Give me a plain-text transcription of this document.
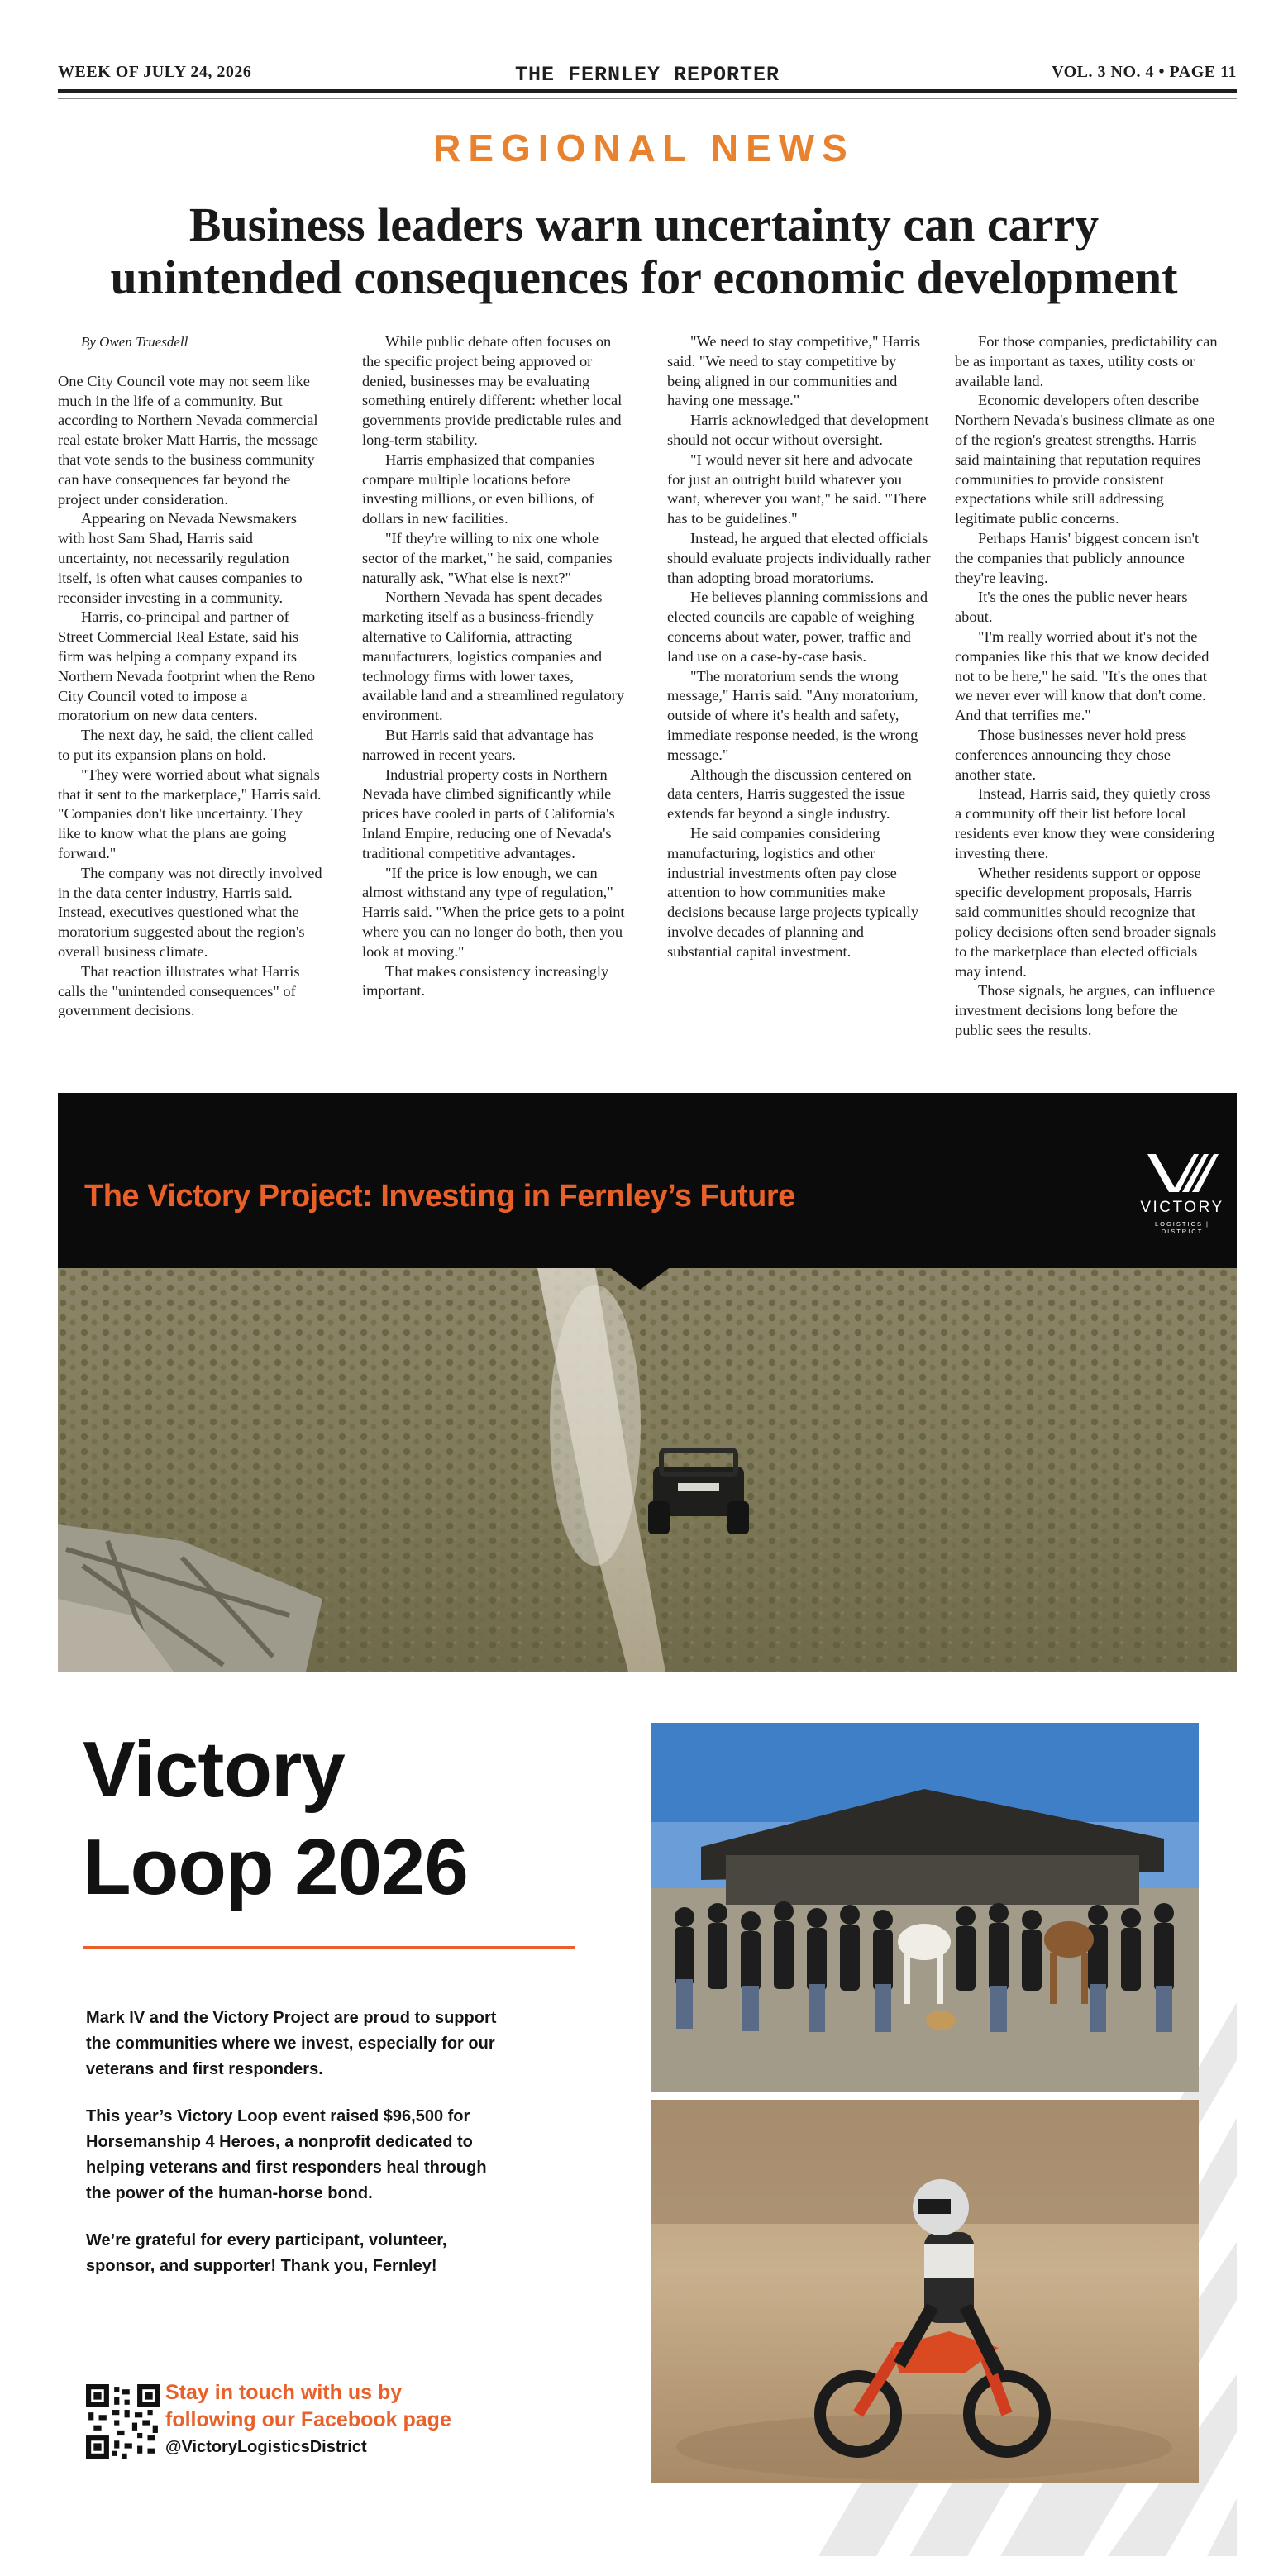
WEEK OF JULY 24, 2026	THE FERNLEY REPORTER	VOL. 3 NO. 4 • PAGE 11
REGIONAL NEWS
Business leaders warn uncertainty can carry
unintended consequences for economic development

By Owen Truesdell

One City Council vote may not seem like much in the life of a community. But according to Northern Nevada commercial real estate broker Matt Harris, the message that vote sends to the business community can have consequences far beyond the project under consideration.

Appearing on Nevada Newsmakers with host Sam Shad, Harris said uncertainty, not necessarily regulation itself, is often what causes companies to reconsider investing in a community.

Harris, co-principal and partner of Street Commercial Real Estate, said his firm was helping a company expand its Northern Nevada footprint when the Reno City Council voted to impose a moratorium on new data centers.

The next day, he said, the client called to put its expansion plans on hold.

"They were worried about what signals that it sent to the marketplace," Harris said. "Companies don't like uncertainty. They like to know what the plans are going forward."

The company was not directly involved in the data center industry, Harris said. Instead, executives questioned what the moratorium suggested about the region's overall business climate.

That reaction illustrates what Harris calls the "unintended consequences" of government decisions.

While public debate often focuses on the specific project being approved or denied, businesses may be evaluating something entirely different: whether local governments provide predictable rules and long-term stability.

Harris emphasized that companies compare multiple locations before investing millions, or even billions, of dollars in new facilities.

"If they're willing to nix one whole sector of the market," he said, companies naturally ask, "What else is next?"

Northern Nevada has spent decades marketing itself as a business-friendly alternative to California, attracting manufacturers, logistics companies and technology firms with lower taxes, available land and a streamlined regulatory environment.

But Harris said that advantage has narrowed in recent years.

Industrial property costs in Northern Nevada have climbed significantly while prices have cooled in parts of California's Inland Empire, reducing one of Nevada's traditional competitive advantages.

"If the price is low enough, we can almost withstand any type of regulation," Harris said. "When the price gets to a point where you can no longer do both, then you look at moving."

That makes consistency increasingly important.

"We need to stay competitive," Harris said. "We need to stay competitive by being aligned in our communities and having one message."

Harris acknowledged that development should not occur without oversight.

"I would never sit here and advocate for just an outright build whatever you want, wherever you want," he said. "There has to be guidelines."

Instead, he argued that elected officials should evaluate projects individually rather than adopting broad moratoriums.

He believes planning commissions and elected councils are capable of weighing concerns about water, power, traffic and land use on a case-by-case basis.

"The moratorium sends the wrong message," Harris said. "Any moratorium, outside of where it's health and safety, immediate response needed, is the wrong message."

Although the discussion centered on data centers, Harris suggested the issue extends far beyond a single industry.

He said companies considering manufacturing, logistics and other industrial investments often pay close attention to how communities make decisions because large projects typically involve decades of planning and substantial capital investment.

For those companies, predictability can be as important as taxes, utility costs or available land.

Economic developers often describe Northern Nevada's business climate as one of the region's greatest strengths. Harris said maintaining that reputation requires communities to provide consistent expectations while still addressing legitimate public concerns.

Perhaps Harris' biggest concern isn't the companies that publicly announce they're leaving.

It's the ones the public never hears about.

"I'm really worried about it's not the companies like this that we know decided not to be here," he said. "It's the ones that we never ever will know that don't come. And that terrifies me."

Those businesses never hold press conferences announcing they chose another state.

Instead, Harris said, they quietly cross a community off their list before local residents ever know they were considering investing there.

Whether residents support or oppose specific development proposals, Harris said communities should recognize that policy decisions often send broader signals to the marketplace than elected officials may intend.

Those signals, he argues, can influence investment decisions long before the public sees the results.

The Victory Project: Investing in Fernley’s Future	VICTORY
LOGISTICS | DISTRICT
Victory
Loop 2026

Mark IV and the Victory Project are proud to support the communities where we invest, especially for our veterans and first responders.

This year’s Victory Loop event raised $96,500 for Horsemanship 4 Heroes, a nonprofit dedicated to helping veterans and first responders heal through the power of the human-horse bond.

We’re grateful for every participant, volunteer, sponsor, and supporter! Thank you, Fernley!

Stay in touch with us by
following our Facebook page
@VictoryLogisticsDistrict
